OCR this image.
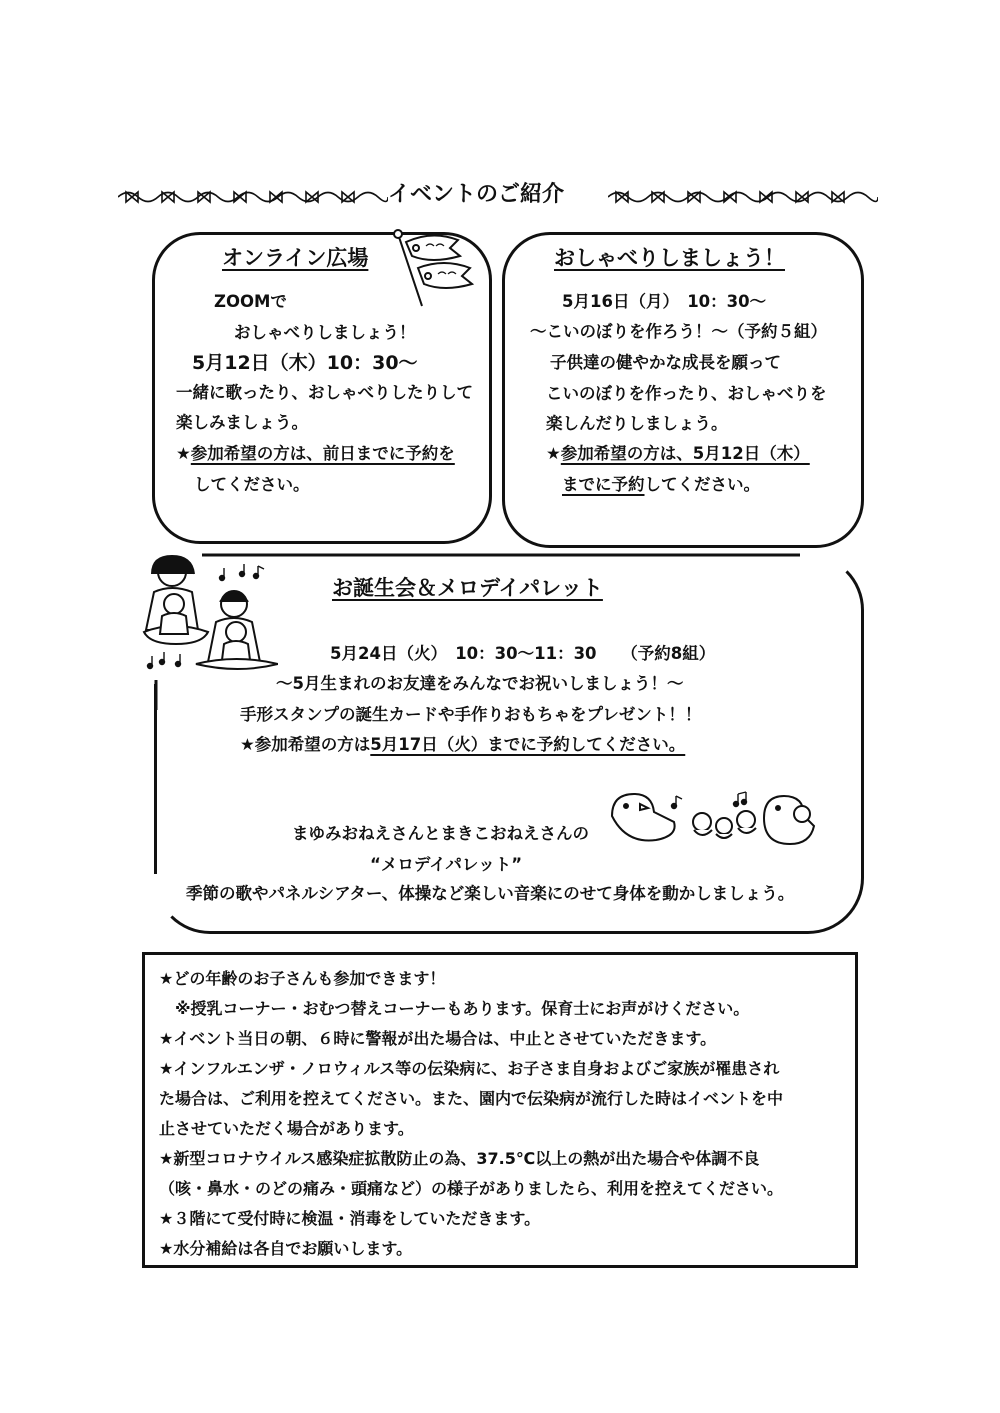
イベントのご紹介
オンライン広場
ZOOMで
おしゃべりしましょう！
5月12日（木）10：30～
一緒に歌ったり、おしゃべりしたりして
楽しみましょう。
★参加希望の方は、前日までに予約を
してください。
おしゃべりしましょう！
5月16日（月）　10：30～
～こいのぼりを作ろう！～（予約５組）
子供達の健やかな成長を願って
こいのぼりを作ったり、おしゃべりを
楽しんだりしましょう。
★参加希望の方は、5月12日（木）
までに予約してください。
お誕生会＆メロデイパレット
5月24日（火）　10：30～11：30　　（予約8組）
～5月生まれのお友達をみんなでお祝いしましょう！～
手形スタンプの誕生カードや手作りおもちゃをプレゼント！！
★参加希望の方は5月17日（火）までに予約してください。
まゆみおねえさんとまきこおねえさんの
“メロデイパレット”
季節の歌やパネルシアター、体操など楽しい音楽にのせて身体を動かしましょう。

★どの年齢のお子さんも参加できます！

　※授乳コーナー・おむつ替えコーナーもあります。保育士にお声がけください。

★イベント当日の朝、６時に警報が出た場合は、中止とさせていただきます。

★インフルエンザ・ノロウィルス等の伝染病に、お子さま自身およびご家族が罹患され

た場合は、ご利用を控えてください。また、園内で伝染病が流行した時はイベントを中

止させていただく場合があります。

★新型コロナウイルス感染症拡散防止の為、37.5℃以上の熱が出た場合や体調不良

（咳・鼻水・のどの痛み・頭痛など）の様子がありましたら、利用を控えてください。

★３階にて受付時に検温・消毒をしていただきます。

★水分補給は各自でお願いします。
